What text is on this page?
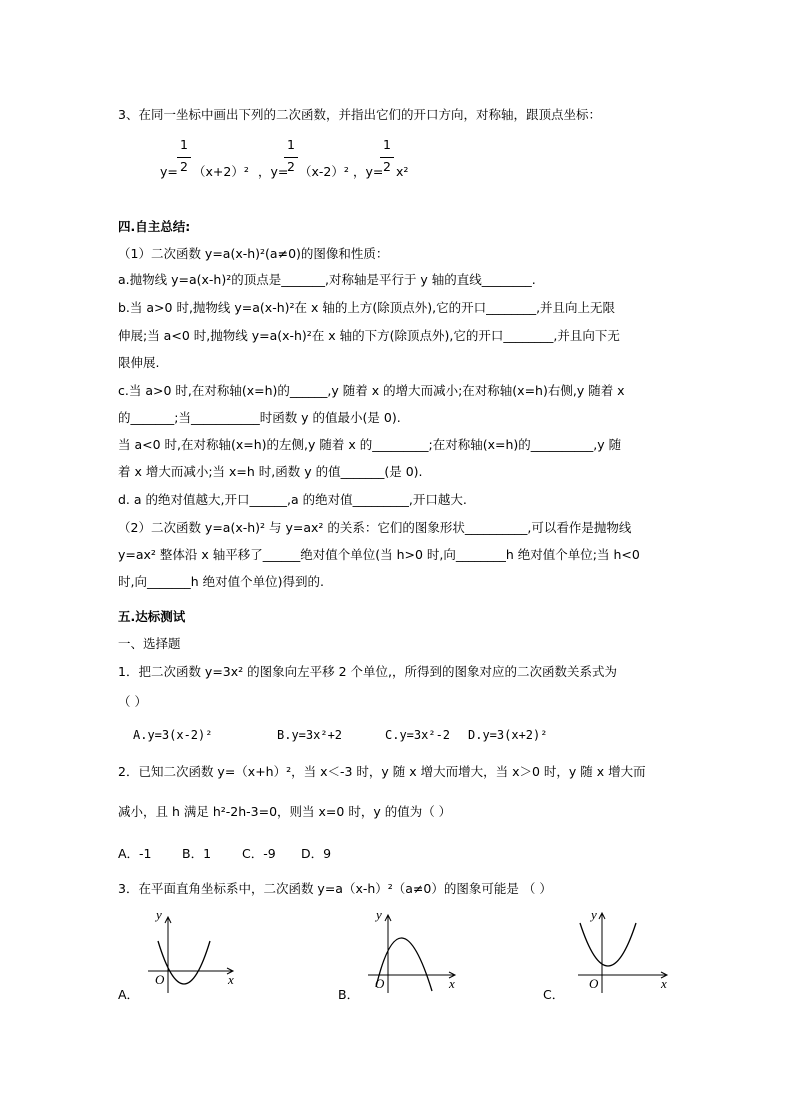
3、在同一坐标中画出下列的二次函数，并指出它们的开口方向，对称轴，跟顶点坐标：
y=
1
2 （x+2）² ，y=
1
2 （x-2）² ，y=
1
2 x²
四.自主总结:
（1）二次函数 y=a(x-h)²(a≠0)的图像和性质：
a.抛物线 y=a(x-h)²的顶点是_______,对称轴是平行于 y 轴的直线________.
b.当 a>0 时,抛物线 y=a(x-h)²在 x 轴的上方(除顶点外),它的开口________,并且向上无限
伸展;当 a<0 时,抛物线 y=a(x-h)²在 x 轴的下方(除顶点外),它的开口________,并且向下无
限伸展.
c.当 a>0 时,在对称轴(x=h)的______,y 随着 x 的增大而减小;在对称轴(x=h)右侧,y 随着 x
的_______;当___________时函数 y 的值最小(是 0).
当 a<0 时,在对称轴(x=h)的左侧,y 随着 x 的_________;在对称轴(x=h)的__________,y 随
着 x 增大而减小;当 x=h 时,函数 y 的值_______(是 0).
d. a 的绝对值越大,开口______,a 的绝对值_________,开口越大.
（2）二次函数 y=a(x-h)² 与 y=ax² 的关系：它们的图象形状__________,可以看作是抛物线
y=ax² 整体沿 x 轴平移了______绝对值个单位(当 h>0 时,向________h 绝对值个单位;当 h<0
时,向_______h 绝对值个单位)得到的.
五.达标测试
一、选择题
1．把二次函数 y=3x² 的图象向左平移 2 个单位,，所得到的图象对应的二次函数关系式为
（ ）
A.y=3(x-2)²	B.y=3x²+2	C.y=3x²-2 D.y=3(x+2)²
2．已知二次函数 y=（x+h）²，当 x＜-3 时，y 随 x 增大而增大，当 x＞0 时，y 随 x 增大而
减小，且 h 满足 h²-2h-3=0，则当 x=0 时，y 的值为（ ）
A．-1 B．1 C．-9 D．9
3．在平面直角坐标系中，二次函数 y=a（x-h）²（a≠0）的图象可能是 （ ）
A．
y
x
O
B．
y
x
O
C．
y
x
O
